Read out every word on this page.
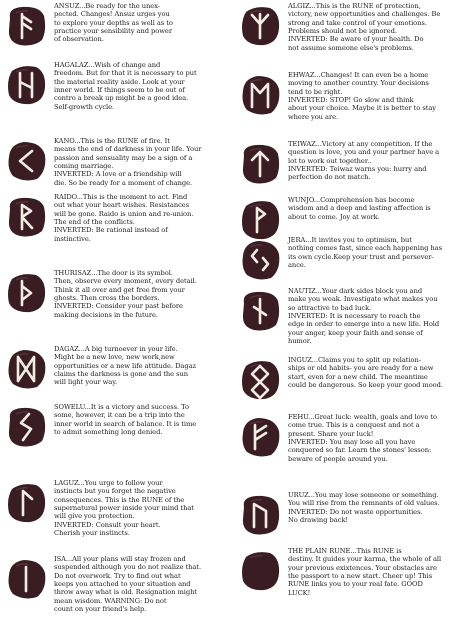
ANSUZ...Be ready for the unex-

pected. Changes! Ansuz urges you

to explore your depths as well as to

practice your sensibility and power

of observation.

HAGALAZ...Wish of change and

freedom. But for that it is necessary to put

the material reality aside. Look at your

inner world. If things seem to be out of

contro a break up might be a good idea.

Self-growth cycle.

KANO...This is the RUNE of fire. It

means the end of darkness in your life. Your

passion and sensuality may be a sign of a

coming marriage.

INVERTED: A love or a friendship will

die. So be ready for a moment of change.

RAIDO...This is the moment to act. Find

out what your heart wishes. Resistances

will be gone. Raido is union and re-union.

The end of the conflicts.

INVERTED: Be rational instead of

instinctive.

THURISAZ...The door is its symbol.

Then, observe every moment, every detail.

Think it all over and get free from your

ghosts. Then cross the borders.

INVERTED: Consider your past before

making decisions in the future.

DAGAZ...A big turnoever in your life.

Might be a new love, new work,new

opportunities or a new life attitude. Dagaz

claims the darkness is gone and the sun

will light your way.

SOWELU...It is a victory and success. To

some, however, it can be a trip into the

inner world in search of balance. It is time

to admit something long denied.

LAGUZ...You urge to follow your

instincts but you forget the negative

consequences. This is the RUNE of the

supernatural power inside your mind that

will give you protection.

INVERTED: Consult your heart.

Cherish your instincts.

ISA...All your plans will stay frozen and

suspended although you do not realize that.

Do not overwork. Try to find out what

keeps you attached to your situation and

throw away what is old. Resignation might

mean wisdom. WARNING: Do not

count on your friend's help.

ALGIZ...This is the RUNE of protection,

victory, new opportunities and challenges. Be

strong and take control of your emotions.

Problems should not be ignored.

INVERTED: Be aware of your health. Do

not assume someone else's problems.

EHWAZ...Changes! It can even be a home

moving to another country. Your decisions

tend to be right.

INVERTED: STOP! Go slow and think

about your choice. Maybe it is better to stay

where you are.

TEIWAZ...Victory at any competition. If the

question is love, you and your partner have a

lot to work out together..

INVERTED: Teiwaz warns you: hurry and

perfection do not match.

WUNJO...Comprehension has become

wisdom and a deep and lasting affection is

about to come. Joy at work.

JERA...It invites you to optimism, but

nothing comes fast, since each happening has

its own cycle.Keep your trust and persever-

ance.

NAUTIZ...Your dark sides block you and

make you weak. Investigate what makes you

so attractive to bad luck.

INVERTED: It is necessary to reach the

edge in order to emerge into a new life. Hold

your anger, keep your faith and sense of

humor.

INGUZ...Claims you to split up relation-

ships or old habits- you are ready for a new

start, even for a new child. The meantime

could be dangerous. So keep your good mood.

FEHU...Great luck: wealth, goals and love to

come true. This is a conquest and not a

present. Share your luck!

INVERTED: You may lose all you have

conquered so far. Learn the stones' lesson:

beware of people around you.

URUZ...You may lose someone or something.

You will rise from the remnants of old values.

INVERTED: Do not waste opportunities.

No drawing back!

THE PLAIN RUNE...This RUNE is

destiny. It guides your karma, the whole of all

your previous exixtences. Your obstacles are

the passport to a new start. Cheer up! This

RUNE links you to your real fate. GOOD

LUCK!
